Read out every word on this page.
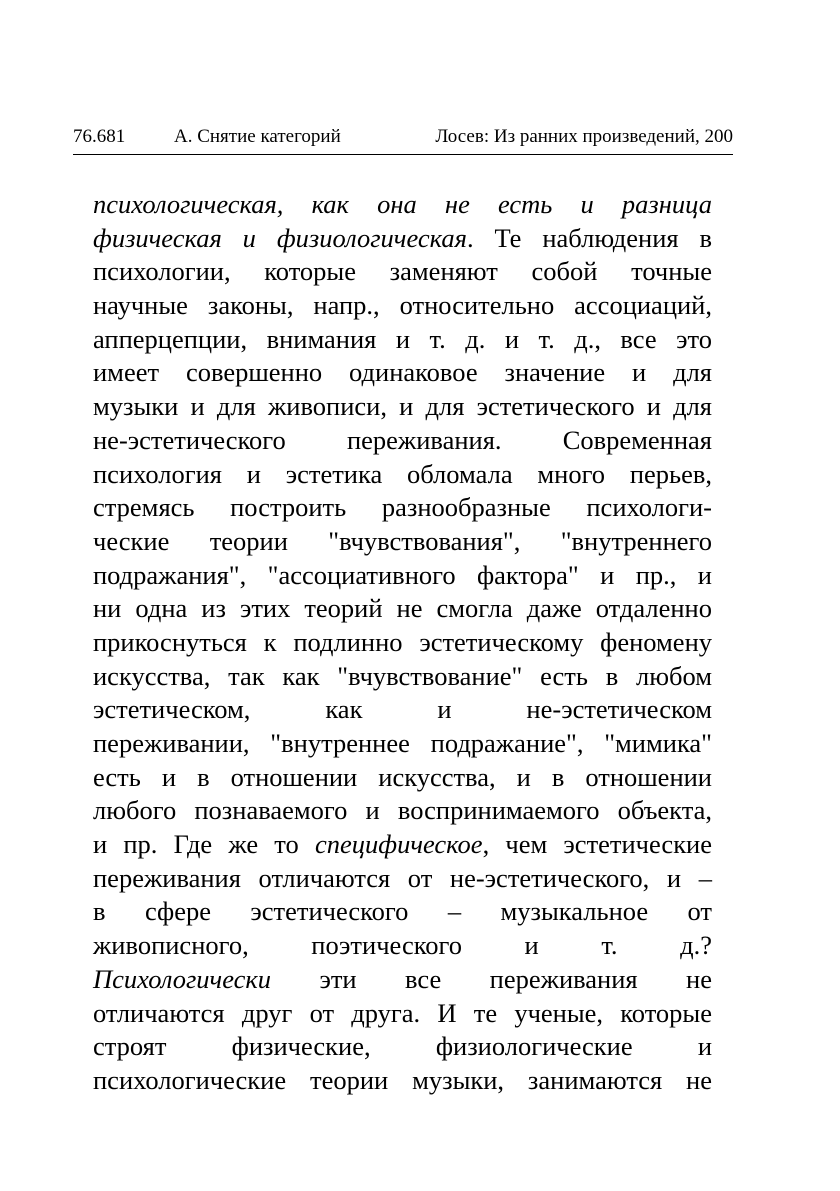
76.681	А. Снятие категорий	Лосев: Из ранних произведений, 200
психологическая, как она не есть и разница
физическая и физиологическая. Те наблюдения в
психологии, которые заменяют собой точные
научные законы, напр., относительно ассоциаций,
апперцепции, внимания и т. д. и т. д., все это
имеет совершенно одинаковое значение и для
музыки и для живописи, и для эстетического и для
не-эстетического переживания. Современная
психология и эстетика обломала много перьев,
стремясь построить разнообразные психологи-
ческие теории "вчувствования", "внутреннего
подражания", "ассоциативного фактора" и пр., и
ни одна из этих теорий не смогла даже отдаленно
прикоснуться к подлинно эстетическому феномену
искусства, так как "вчувствование" есть в любом
эстетическом, как и не-эстетическом
переживании, "внутреннее подражание", "мимика"
есть и в отношении искусства, и в отношении
любого познаваемого и воспринимаемого объекта,
и пр. Где же то специфическое, чем эстетические
переживания отличаются от не-эстетического, и –
в сфере эстетического – музыкальное от
живописного, поэтического и т. д.?
Психологически эти все переживания не
отличаются друг от друга. И те ученые, которые
строят физические, физиологические и
психологические теории музыки, занимаются не
